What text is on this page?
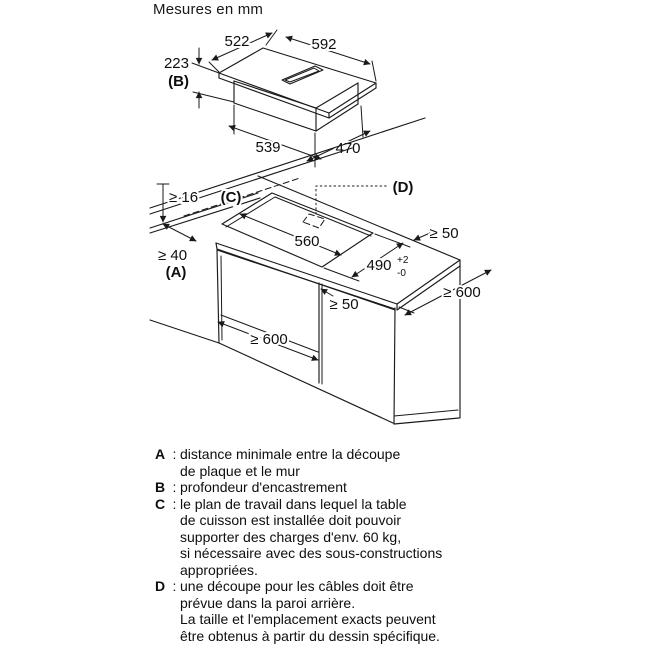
Mesures en mm
522	592
223
(B)
539	470
≥ 16 (C)
≥ 40
(A)
560
490 +2
-0
≥ 50
≥ 50
≥ 600
≥ 600
(D)
A : distance minimale entre la découpe
de plaque et le mur
B : profondeur d'encastrement
C : le plan de travail dans lequel la table
de cuisson est installée doit pouvoir
supporter des charges d'env. 60 kg,
si nécessaire avec des sous-constructions
appropriées.
D : une découpe pour les câbles doit être
prévue dans la paroi arrière.
La taille et l'emplacement exacts peuvent
être obtenus à partir du dessin spécifique.
